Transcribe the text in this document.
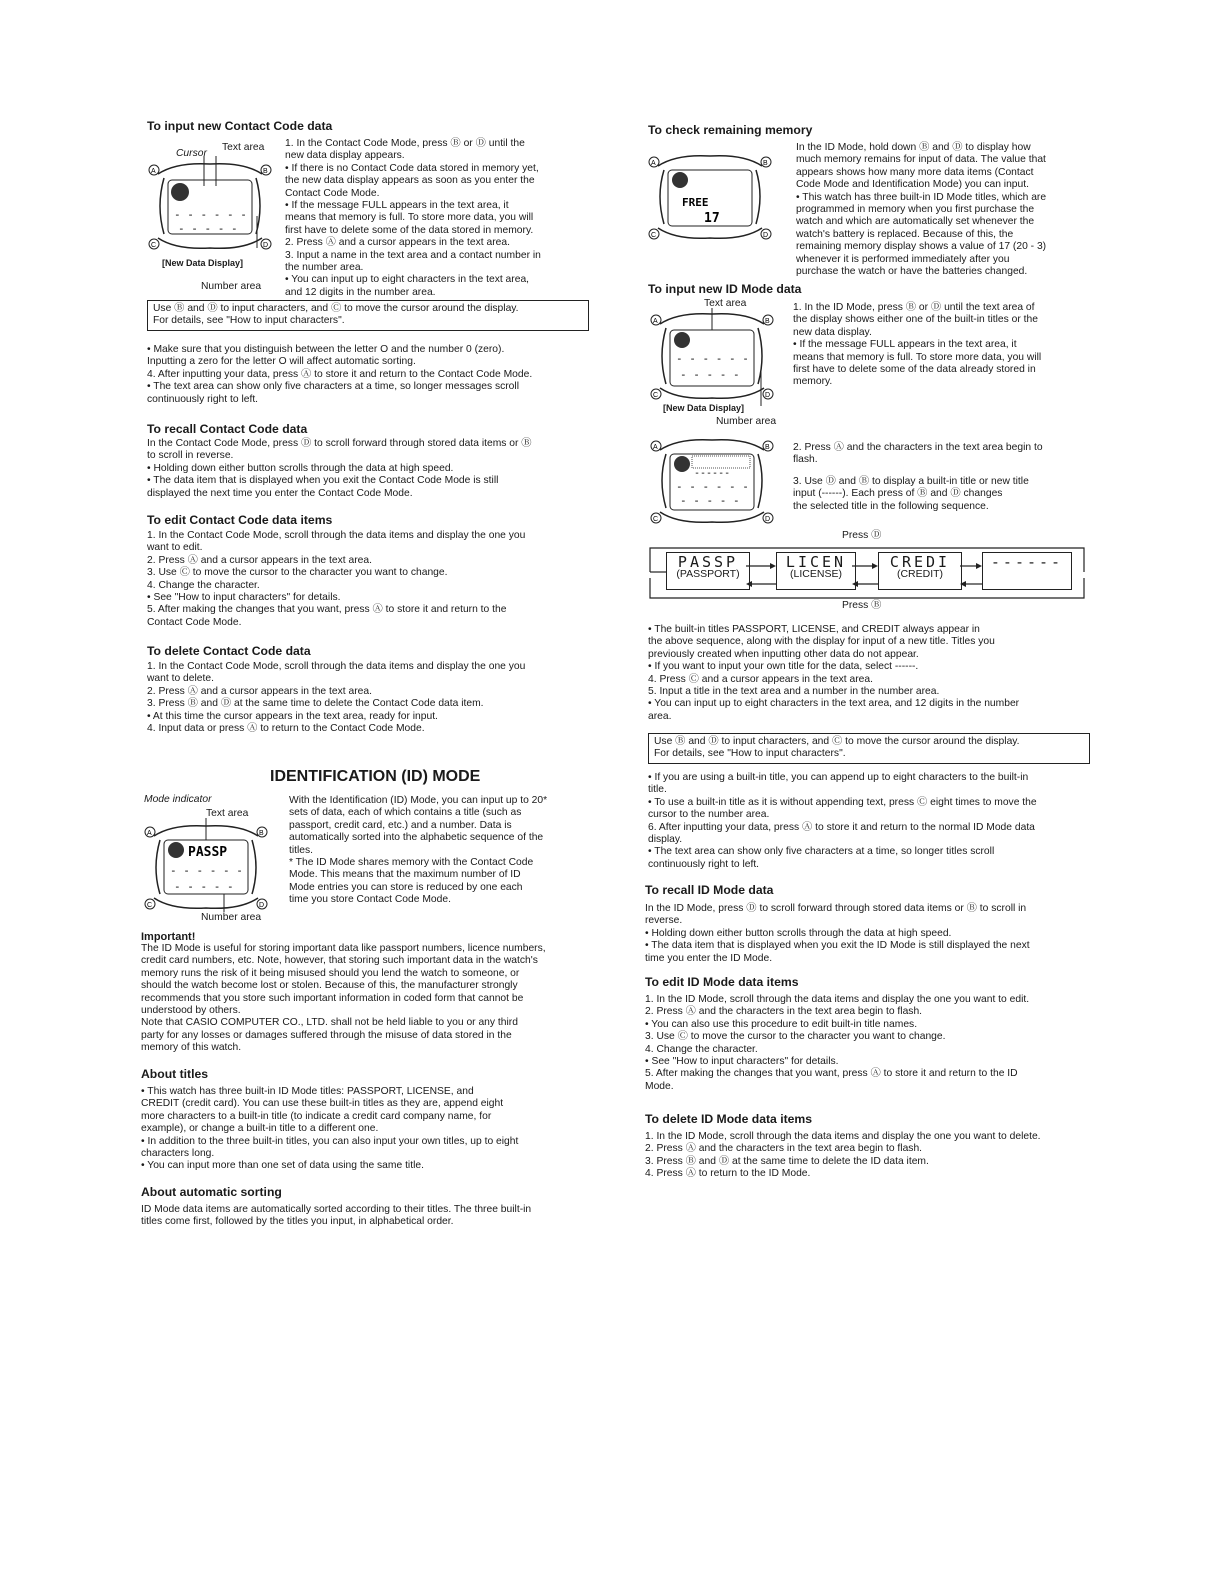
To input new Contact Code data
Cursor
Text area
- - - - - -
- - - - -
A	B
C	D
[New Data Display]
Number area

1. In the Contact Code Mode, press Ⓑ or Ⓓ until the
new data display appears.
• If there is no Contact Code data stored in memory yet,
the new data display appears as soon as you enter the
Contact Code Mode.
• If the message FULL appears in the text area, it
means that memory is full. To store more data, you will
first have to delete some of the data stored in memory.
2. Press Ⓐ and a cursor appears in the text area.
3. Input a name in the text area and a contact number in
the number area.
• You can input up to eight characters in the text area,
and 12 digits in the number area.

Use Ⓑ and Ⓓ to input characters, and Ⓒ to move the cursor around the display.
For details, see "How to input characters".

• Make sure that you distinguish between the letter O and the number 0 (zero).
Inputting a zero for the letter O will affect automatic sorting.
4. After inputting your data, press Ⓐ to store it and return to the Contact Code Mode.
• The text area can show only five characters at a time, so longer messages scroll
continuously right to left.

To recall Contact Code data

In the Contact Code Mode, press Ⓓ to scroll forward through stored data items or Ⓑ
to scroll in reverse.
• Holding down either button scrolls through the data at high speed.
• The data item that is displayed when you exit the Contact Code Mode is still
displayed the next time you enter the Contact Code Mode.

To edit Contact Code data items

1. In the Contact Code Mode, scroll through the data items and display the one you
want to edit.
2. Press Ⓐ and a cursor appears in the text area.
3. Use Ⓒ to move the cursor to the character you want to change.
4. Change the character.
• See "How to input characters" for details.
5. After making the changes that you want, press Ⓐ to store it and return to the
Contact Code Mode.

To delete Contact Code data

1. In the Contact Code Mode, scroll through the data items and display the one you
want to delete.
2. Press Ⓐ and a cursor appears in the text area.
3. Press Ⓑ and Ⓓ at the same time to delete the Contact Code data item.
• At this time the cursor appears in the text area, ready for input.
4. Input data or press Ⓐ to return to the Contact Code Mode.

IDENTIFICATION (ID) MODE
Mode indicator
Text area
PASSP
- - - - - -
- - - - -
A	B
C	D
Number area

With the Identification (ID) Mode, you can input up to 20*
sets of data, each of which contains a title (such as
passport, credit card, etc.) and a number. Data is
automatically sorted into the alphabetic sequence of the
titles.
* The ID Mode shares memory with the Contact Code
Mode. This means that the maximum number of ID
Mode entries you can store is reduced by one each
time you store Contact Code Mode.

Important!

The ID Mode is useful for storing important data like passport numbers, licence numbers,
credit card numbers, etc. Note, however, that storing such important data in the watch's
memory runs the risk of it being misused should you lend the watch to someone, or
should the watch become lost or stolen. Because of this, the manufacturer strongly
recommends that you store such important information in coded form that cannot be
understood by others.
Note that CASIO COMPUTER CO., LTD. shall not be held liable to you or any third
party for any losses or damages suffered through the misuse of data stored in the
memory of this watch.

About titles

• This watch has three built-in ID Mode titles: PASSPORT, LICENSE, and
CREDIT (credit card). You can use these built-in titles as they are, append eight
more characters to a built-in title (to indicate a credit card company name, for
example), or change a built-in title to a different one.
• In addition to the three built-in titles, you can also input your own titles, up to eight
characters long.
• You can input more than one set of data using the same title.

About automatic sorting

ID Mode data items are automatically sorted according to their titles. The three built-in
titles come first, followed by the titles you input, in alphabetical order.

To check remaining memory
FREE
17
A	B
C	D

In the ID Mode, hold down Ⓑ and Ⓓ to display how
much memory remains for input of data. The value that
appears shows how many more data items (Contact
Code Mode and Identification Mode) you can input.
• This watch has three built-in ID Mode titles, which are
programmed in memory when you first purchase the
watch and which are automatically set whenever the
watch's battery is replaced. Because of this, the
remaining memory display shows a value of 17 (20 - 3)
whenever it is performed immediately after you
purchase the watch or have the batteries changed.

To input new ID Mode data
Text area
- - - - - -
- - - - -
A	B
C	D
[New Data Display]
Number area

1. In the ID Mode, press Ⓑ or Ⓓ until the text area of
the display shows either one of the built-in titles or the
new data display.
• If the message FULL appears in the text area, it
means that memory is full. To store more data, you will
first have to delete some of the data already stored in
memory.

------
- - - - - -
- - - - -
A	B
C	D

2. Press Ⓐ and the characters in the text area begin to
flash.

3. Use Ⓓ and Ⓑ to display a built-in title or new title
input (------). Each press of Ⓑ and Ⓓ changes
the selected title in the following sequence.

Press Ⓓ
PASSP
(PASSPORT)
LICEN
(LICENSE)
CREDI
(CREDIT)
------
Press Ⓑ

• The built-in titles PASSPORT, LICENSE, and CREDIT always appear in
the above sequence, along with the display for input of a new title. Titles you
previously created when inputting other data do not appear.
• If you want to input your own title for the data, select ------.
4. Press Ⓒ and a cursor appears in the text area.
5. Input a title in the text area and a number in the number area.
• You can input up to eight characters in the text area, and 12 digits in the number
area.

Use Ⓑ and Ⓓ to input characters, and Ⓒ to move the cursor around the display.
For details, see "How to input characters".

• If you are using a built-in title, you can append up to eight characters to the built-in
title.
• To use a built-in title as it is without appending text, press Ⓒ eight times to move the
cursor to the number area.
6. After inputting your data, press Ⓐ to store it and return to the normal ID Mode data
display.
• The text area can show only five characters at a time, so longer titles scroll
continuously right to left.

To recall ID Mode data

In the ID Mode, press Ⓓ to scroll forward through stored data items or Ⓑ to scroll in
reverse.
• Holding down either button scrolls through the data at high speed.
• The data item that is displayed when you exit the ID Mode is still displayed the next
time you enter the ID Mode.

To edit ID Mode data items

1. In the ID Mode, scroll through the data items and display the one you want to edit.
2. Press Ⓐ and the characters in the text area begin to flash.
• You can also use this procedure to edit built-in title names.
3. Use Ⓒ to move the cursor to the character you want to change.
4. Change the character.
• See "How to input characters" for details.
5. After making the changes that you want, press Ⓐ to store it and return to the ID
Mode.

To delete ID Mode data items

1. In the ID Mode, scroll through the data items and display the one you want to delete.
2. Press Ⓐ and the characters in the text area begin to flash.
3. Press Ⓑ and Ⓓ at the same time to delete the ID data item.
4. Press Ⓐ to return to the ID Mode.
